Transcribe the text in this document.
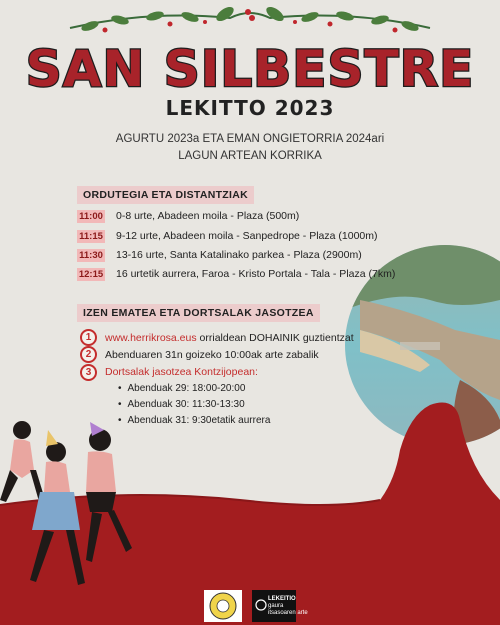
SAN SILBESTRE
LEKITTO 2023
AGURTU 2023a ETA EMAN ONGIETORRIA 2024ari
LAGUN ARTEAN KORRIKA
ORDUTEGIA ETA DISTANTZIAK
11:00 0-8 urte, Abadeen moila - Plaza (500m)
11:15 9-12 urte, Abadeen moila - Sanpedrope - Plaza (1000m)
11:30 13-16 urte, Santa Katalinako parkea - Plaza (2900m)
12:15 16 urtetik aurrera, Faroa - Kristo Portala - Tala - Plaza (7km)
IZEN EMATEA ETA DORTSALAK JASOTZEA
1	www.herrikrosa.eus orrialdean DOHAINIK guztientzat
2	Abenduaren 31n goizeko 10:00ak arte zabalik
3	Dortsalak jasotzea Kontzijopean:
• Abenduak 29: 18:00-20:00
• Abenduak 30: 11:30-13:30
• Abenduak 31: 9:30etatik aurrera
LEKEITIO
gaura
itsasoaren arte
